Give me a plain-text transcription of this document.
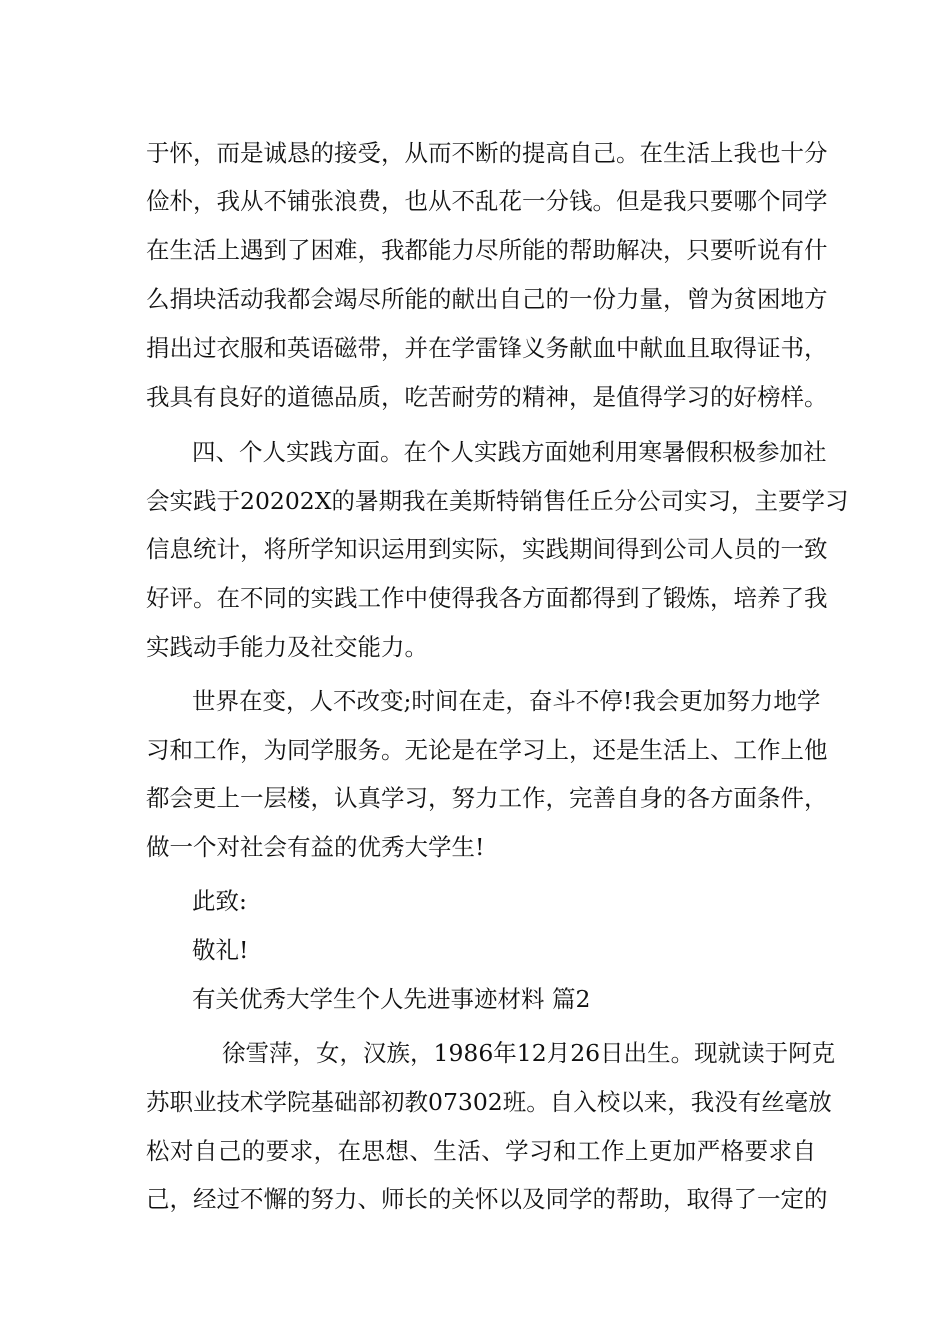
于怀，而是诚恳的接受，从而不断的提高自己。在生活上我也十分
俭朴，我从不铺张浪费，也从不乱花一分钱。但是我只要哪个同学
在生活上遇到了困难，我都能力尽所能的帮助解决，只要听说有什
么捐块活动我都会竭尽所能的献出自己的一份力量，曾为贫困地方
捐出过衣服和英语磁带，并在学雷锋义务献血中献血且取得证书，
我具有良好的道德品质，吃苦耐劳的精神，是值得学习的好榜样。
四、个人实践方面。在个人实践方面她利用寒暑假积极参加社
会实践于20202X的暑期我在美斯特销售任丘分公司实习，主要学习
信息统计，将所学知识运用到实际，实践期间得到公司人员的一致
好评。在不同的实践工作中使得我各方面都得到了锻炼，培养了我
实践动手能力及社交能力。
世界在变，人不改变;时间在走，奋斗不停!我会更加努力地学
习和工作，为同学服务。无论是在学习上，还是生活上、工作上他
都会更上一层楼，认真学习，努力工作，完善自身的各方面条件，
做一个对社会有益的优秀大学生!
此致:
敬礼!
有关优秀大学生个人先进事迹材料 篇2
徐雪萍，女，汉族，1986年12月26日出生。现就读于阿克
苏职业技术学院基础部初教07302班。自入校以来，我没有丝毫放
松对自己的要求，在思想、生活、学习和工作上更加严格要求自
己，经过不懈的努力、师长的关怀以及同学的帮助，取得了一定的
